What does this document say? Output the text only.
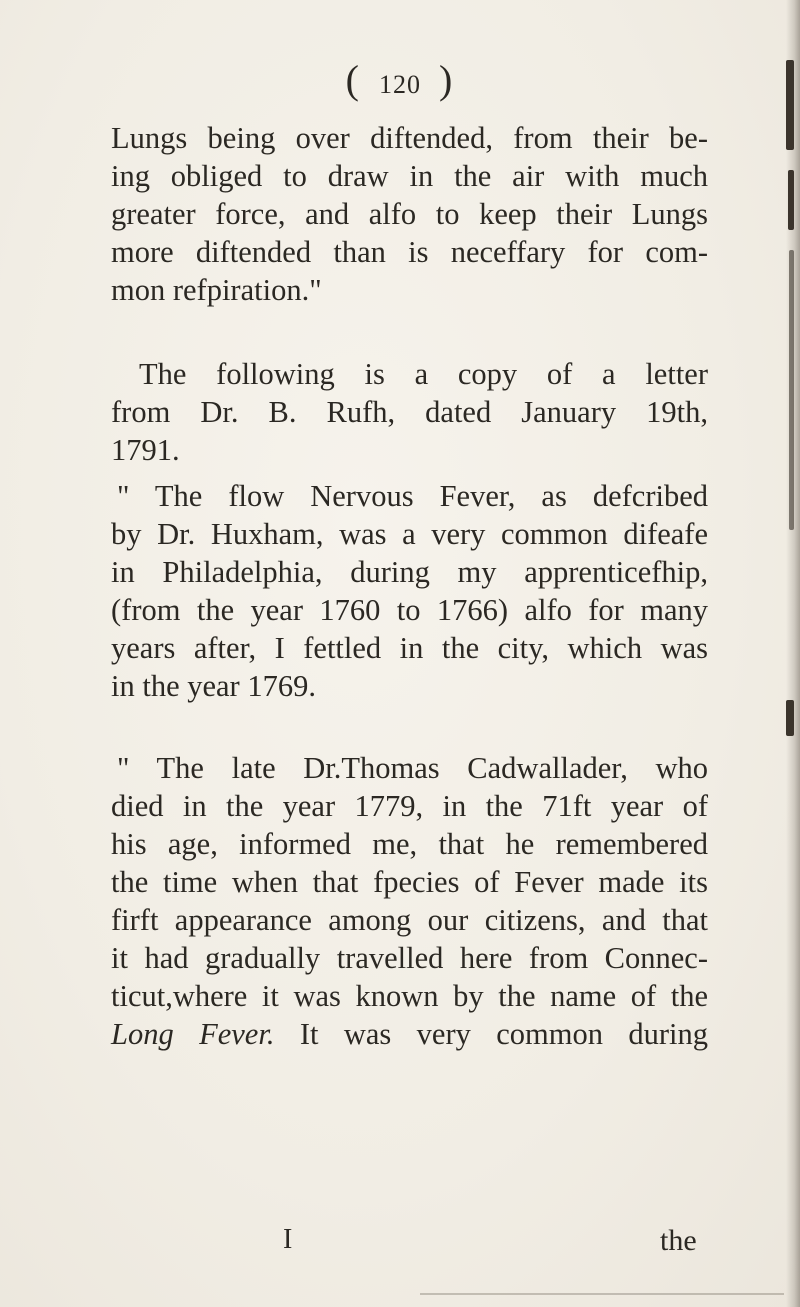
( 120 )
Lungs being over diftended, from their be-
ing obliged to draw in the air with much
greater force, and alfo to keep their Lungs
more diftended than is neceffary for com-
mon refpiration."
The following is a copy of a letter
from Dr. B. Rufh, dated January 19th,
1791.
" The flow Nervous Fever, as defcribed
by Dr. Huxham, was a very common difeafe
in Philadelphia, during my apprenticefhip,
(from the year 1760 to 1766) alfo for many
years after, I fettled in the city, which was
in the year 1769.
" The late Dr.Thomas Cadwallader, who
died in the year 1779, in the 71ft year of
his age, informed me, that he remembered
the time when that fpecies of Fever made its
firft appearance among our citizens, and that
it had gradually travelled here from Connec-
ticut,where it was known by the name of the
Long Fever. It was very common during
I	the
